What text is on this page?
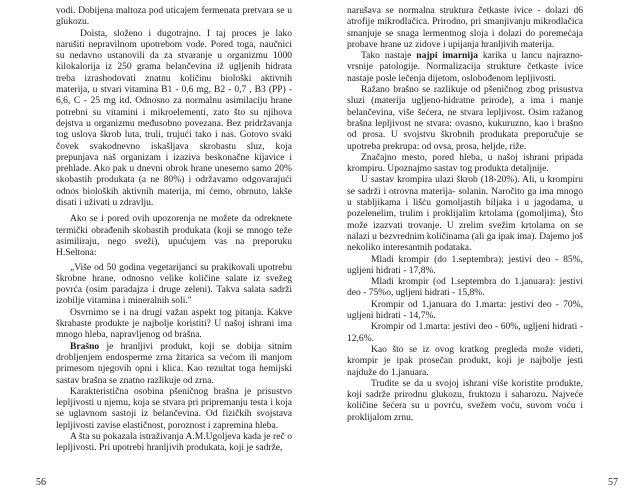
vodi. Dobijena maltoza pod uticajem fermenata pretvara se u glukozu.

Doista, složeno i dugotrajno. I taj proces je lako narušiti nepravilnom upotrebom vode. Pored toga, naučnici su nedavno ustanovili da za stvaranje u organizmu 1000 kilokalorija iz 250 grama belančevina iž ugljenih hidrata treba izrashodovati znatnu količinu biološki aktivnih materija, u stvari vitamina B1 - 0,6 mg, B2 - 0,7 , B3 (PP) - 6,6, C - 25 mg itd. Odnosno za normalnu asimilaciju hrane potrebni su vitamini i mikroelementi, zato što su njihova dejstva u organizmu međusobno povezana. Bez pridržavanja tog uslova škrob luta, truli, trujući tako i nas. Gotovo svaki čovek svakodnevno iskašljava skrobastu sluz, koja prepunjava naš organizam i izaziva beskonačne kijavice i prehlade. Ako pak u dnevni obrok hrane unesemo samo 20% skobastih produkata (a ne 80%) i održavamo odgovarajući odnos bioloških aktivnih materija, mi ćemo, obrnuto, lakše disati i uživati u zdravlju.

Ako se i pored ovih upozorenja ne možete da odreknete termički obrađenih skobastih produkata (koji se mnogo teže asimiliraju, nego sveži), upućujem vas na preporuku H.Seltona:

„Više od 50 godina vegetarijanci su prakikovali upotrebu škrobne hrane, odnosno velike količine salate iz svežeg povrća (osim paradajza i druge zeleni). Takva salata sadrži izobilje vitamina i mineralnih soli."

Osvrnimo se i na drugi važan aspekt tog pitanja. Kakve škrabaste produkte je najbolje koristiti? U našoj ishrani ima mnogo hleba, napravljenog od brašna.

Brašno je hranljivi produkt, koji se dobija sitnim drobljenjem endosperme zrna žitarica sa većom ili manjom primesom njegovih opni i klica. Kao rezultat toga hemijski sastav brašna se znatno razlikuje od zrna.

Karakteristična osobina pšeničnog brašna je prisustvo lepljivosti u njemu, koja se stvara pri pripremanju testa i koja se uglavnom sastoji iz belančevina. Od fizičkih svojstava lepljivosti zavise elastičnost, poroznost i zapremina hleba.

A šta su pokazala istraživanja A.M.Ugoljeva kada je reč o lepljivosti. Pri upotrebi hranljivih produkata, koji je sadrže,

56

narušava se normalna struktura četkaste ivice - dolazi d6 atrofije mikrodlačica. Prirodno, pri smanjivanju mikrodlačica smanjuje se snaga lermentnog sloja i dolazi do poremećaja probave hrane uz zidove i upijanja hranljivih materija.

Tako nastaje najpi imarnija karika u lancu najrazno-vrsnije patologije. Normalizacija strukture četkaste ivice nastaje posle lečenja dijetom, oslobođenom lepljivosti.

Ražano brašno se razlikuje od pšeničnog zbog prisustva sluzi (materija ugljeno-hidratne prirode), a ima i manje belančevina, više šećera, ne stvara lepljivost. Osim ražanog brašna lepljivost ne stvara: ovasno, kukuruzno, kao i brašno od prosa. U svojstvu škrobnih produkata preporučuje se upotreba prekrupa: od ovsa, prosa, heljde, riže.

Značajno mesto, pored hleba, u našoj ishrani pripada krompiru. Upoznajmo sastav tog produkta detaljnije.

U sastav krompira ulazi škrob (18-20%). Ali, u krompiru se sadrži i otrovna materija- solanin. Naročito ga ima mnogo u stabljikama i lišću gomoljastih biljaka i u jagodama, u pozelenelim, trulim i proklijalim krtolama (gomoljima), Što može izazvati trovanje. U zrelim svežim krtolama on se nalazi u bezvrednim količinama (ali ga ipak ima). Dajemo još nekoliko interesantnih podataka.

Mladi krompir (do 1.septembra): jestivi deo - 85%, ugljeni hidrati - 17,8%.

Mladi krompir (od 1.septembra do 1.januara): jestivi deo - 75%o, ugljeni hidrati - 15,8%.

Krompir od 1.januara do 1.marta: jestivi deo - 70%, ugljeni hidrati - 14,7%.

Krompir od 1.marta: jestivi deo - 60%, ugljeni hidrati - 12,6%.

Kao što se iz ovog kratkog pregleda može videti, krompir je ipak prosečan produkt, koji je najbolje jesti najduže do 1.januara.

Trudite se da u svojoj ishrani više koristite produkte, koji sadrže prirodnu glukozu, fruktozu i saharozu. Najveće količine šećera su u povrću, svežem voću, suvom voću i proklijalom zrnu.

57
